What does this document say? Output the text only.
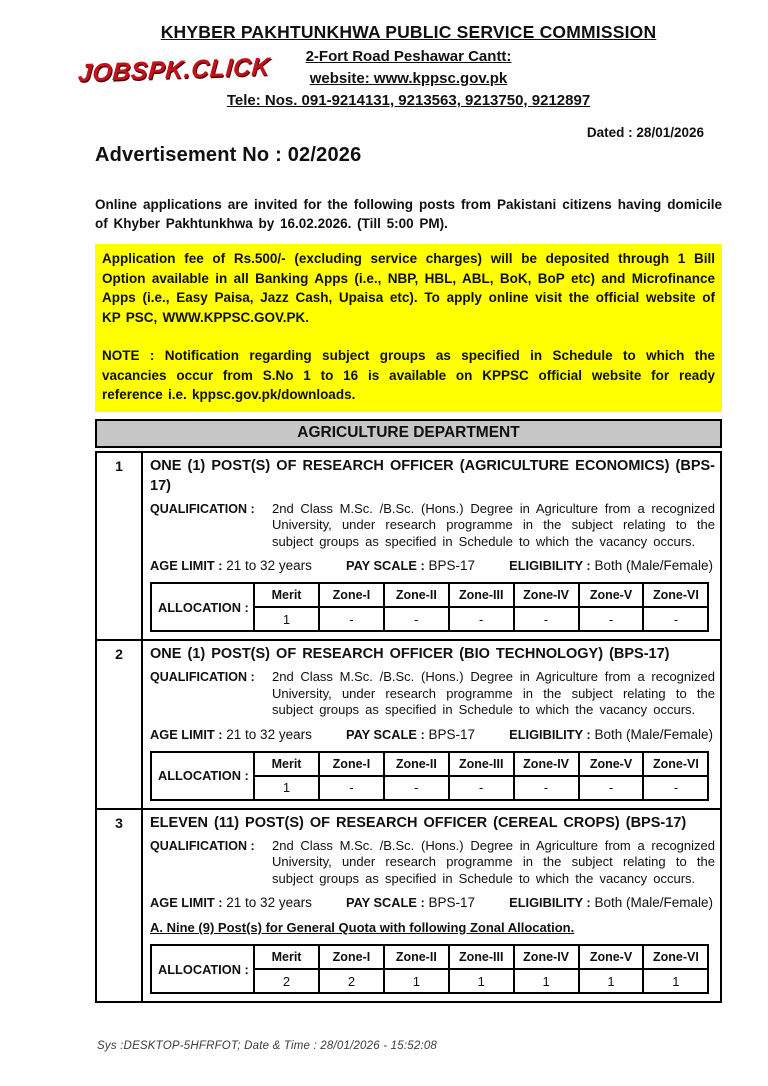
JOBSPK.CLICK
KHYBER PAKHTUNKHWA PUBLIC SERVICE COMMISSION
2-Fort Road Peshawar Cantt:
website: www.kppsc.gov.pk
Tele: Nos. 091-9214131, 9213563, 9213750, 9212897
Dated : 28/01/2026
Advertisement No : 02/2026

Online applications are invited for the following posts from Pakistani citizens having domicile of Khyber Pakhtunkhwa by 16.02.2026. (Till 5:00 PM).

Application fee of Rs.500/- (excluding service charges) will be deposited through 1 Bill Option available in all Banking Apps (i.e., NBP, HBL, ABL, BoK, BoP etc) and Microfinance Apps (i.e., Easy Paisa, Jazz Cash, Upaisa etc). To apply online visit the official website of KP PSC, WWW.KPPSC.GOV.PK.

NOTE : Notification regarding subject groups as specified in Schedule to which the vacancies occur from S.No 1 to 16 is available on KPPSC official website for ready reference i.e. kppsc.gov.pk/downloads.

AGRICULTURE DEPARTMENT
1	ONE (1) POST(S) OF RESEARCH OFFICER (AGRICULTURE ECONOMICS) (BPS-17)
QUALIFICATION :	2nd Class M.Sc. /B.Sc. (Hons.) Degree in Agriculture from a recognized University, under research programme in the subject relating to the subject groups as specified in Schedule to which the vacancy occurs.
AGE LIMIT : 21 to 32 years	PAY SCALE : BPS-17	ELIGIBILITY : Both (Male/Female)
ALLOCATION :	Merit	Zone-I	Zone-II	Zone-III	Zone-IV	Zone-V	Zone-VI
	1	-	-	-	-	-	-
2	ONE (1) POST(S) OF RESEARCH OFFICER (BIO TECHNOLOGY) (BPS-17)
QUALIFICATION :	2nd Class M.Sc. /B.Sc. (Hons.) Degree in Agriculture from a recognized University, under research programme in the subject relating to the subject groups as specified in Schedule to which the vacancy occurs.
AGE LIMIT : 21 to 32 years	PAY SCALE : BPS-17	ELIGIBILITY : Both (Male/Female)
ALLOCATION :	Merit	Zone-I	Zone-II	Zone-III	Zone-IV	Zone-V	Zone-VI
	1	-	-	-	-	-	-
3	ELEVEN (11) POST(S) OF RESEARCH OFFICER (CEREAL CROPS) (BPS-17)
QUALIFICATION :	2nd Class M.Sc. /B.Sc. (Hons.) Degree in Agriculture from a recognized University, under research programme in the subject relating to the subject groups as specified in Schedule to which the vacancy occurs.
AGE LIMIT : 21 to 32 years	PAY SCALE : BPS-17	ELIGIBILITY : Both (Male/Female)
A. Nine (9) Post(s) for General Quota with following Zonal Allocation.
ALLOCATION :	Merit	Zone-I	Zone-II	Zone-III	Zone-IV	Zone-V	Zone-VI
	2	2	1	1	1	1	1
Sys :DESKTOP-5HFRFOT; Date & Time : 28/01/2026 - 15:52:08
